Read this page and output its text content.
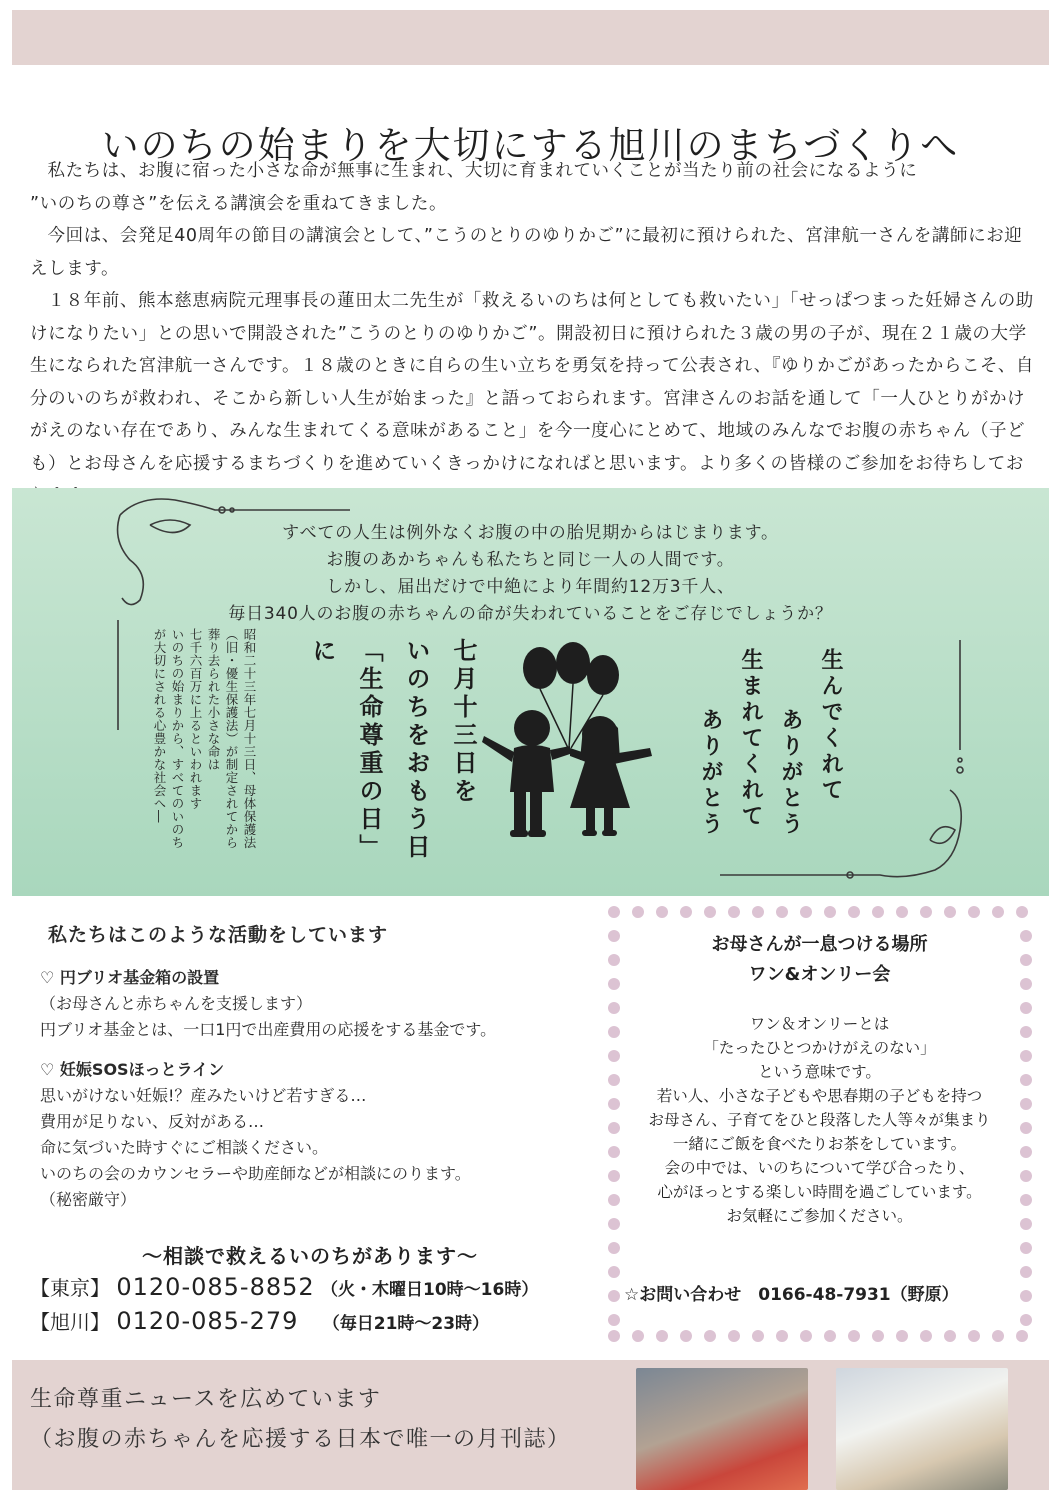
いのちの始まりを大切にする旭川のまちづくりへ

私たちは、お腹に宿った小さな命が無事に生まれ、大切に育まれていくことが当たり前の社会になるように

”いのちの尊さ”を伝える講演会を重ねてきました。

今回は、会発足40周年の節目の講演会として、”こうのとりのゆりかご”に最初に預けられた、宮津航一さんを講師にお迎えします。

１８年前、熊本慈恵病院元理事長の蓮田太二先生が「救えるいのちは何としても救いたい」「せっぱつまった妊婦さんの助けになりたい」との思いで開設された”こうのとりのゆりかご”。開設初日に預けられた３歳の男の子が、現在２１歳の大学生になられた宮津航一さんです。１８歳のときに自らの生い立ちを勇気を持って公表され、『ゆりかごがあったからこそ、自分のいのちが救われ、そこから新しい人生が始まった』と語っておられます。宮津さんのお話を通して「一人ひとりがかけがえのない存在であり、みんな生まれてくる意味があること」を今一度心にとめて、地域のみんなでお腹の赤ちゃん（子ども）とお母さんを応援するまちづくりを進めていくきっかけになればと思います。より多くの皆様のご参加をお待ちしてお

すべての人生は例外なくお腹の中の胎児期からはじまります。
お腹のあかちゃんも私たちと同じ一人の人間です。
しかし、届出だけで中絶により年間約12万3千人、
毎日340人のお腹の赤ちゃんの命が失われていることをご存じでしょうか？
昭和二十三年七月十三日、母体保護法
（旧・優生保護法）が制定されてから
葬り去られた小さな命は
七千六百万に上るといわれます
いのちの始まりから、すべてのいのち
が大切にされる心豊かな社会へ―	七月十三日を
いのちをおもう日
「生命尊重の日」に	生んでくれて
ありがとう
生まれてくれて
ありがとう
私たちはこのような活動をしています

♡ 円ブリオ基金箱の設置

（お母さんと赤ちゃんを支援します）

円ブリオ基金とは、一口1円で出産費用の応援をする基金です。

♡ 妊娠SOSほっとライン

思いがけない妊娠!？産みたいけど若すぎる…

費用が足りない、反対がある…

命に気づいた時すぐにご相談ください。

いのちの会のカウンセラーや助産師などが相談にのります。

（秘密厳守）

〜相談で救えるいのちがあります〜
【東京】 0120-085-8852 （火・木曜日10時〜16時）
【旭川】 0120-085-279 （毎日21時〜23時）

お母さんが一息つける場所

ワン&オンリー会

ワン＆オンリーとは
「たったひとつかけがえのない」
という意味です。
若い人、小さな子どもや思春期の子どもを持つ
お母さん、子育てをひと段落した人等々が集まり
一緒にご飯を食べたりお茶をしています。
会の中では、いのちについて学び合ったり、
心がほっとする楽しい時間を過ごしています。
お気軽にご参加ください。
☆お問い合わせ　0166-48-7931（野原）
生命尊重ニュースを広めています
（お腹の赤ちゃんを応援する日本で唯一の月刊誌）
